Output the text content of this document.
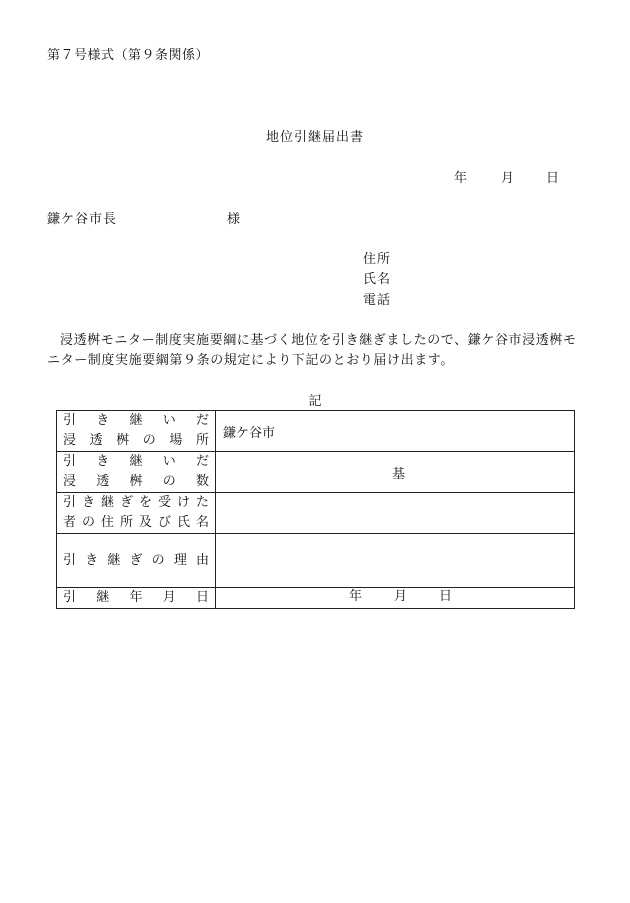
第７号様式（第９条関係）
地位引継届出書
年	月 日
鎌ケ谷市長	様
住所
氏名
電話
浸透桝モニター制度実施要綱に基づく地位を引き継ぎましたので、鎌ケ谷市浸透桝モニター制度実施要綱第９条の規定により下記のとおり届け出ます。
記
引き継いだ
浸透桝の場所	鎌ケ谷市

引き継いだ
浸透桝の数	基

引き継ぎを受けた
者の住所及び氏名	

引き継ぎの理由	

引継年月日	年 月 日
